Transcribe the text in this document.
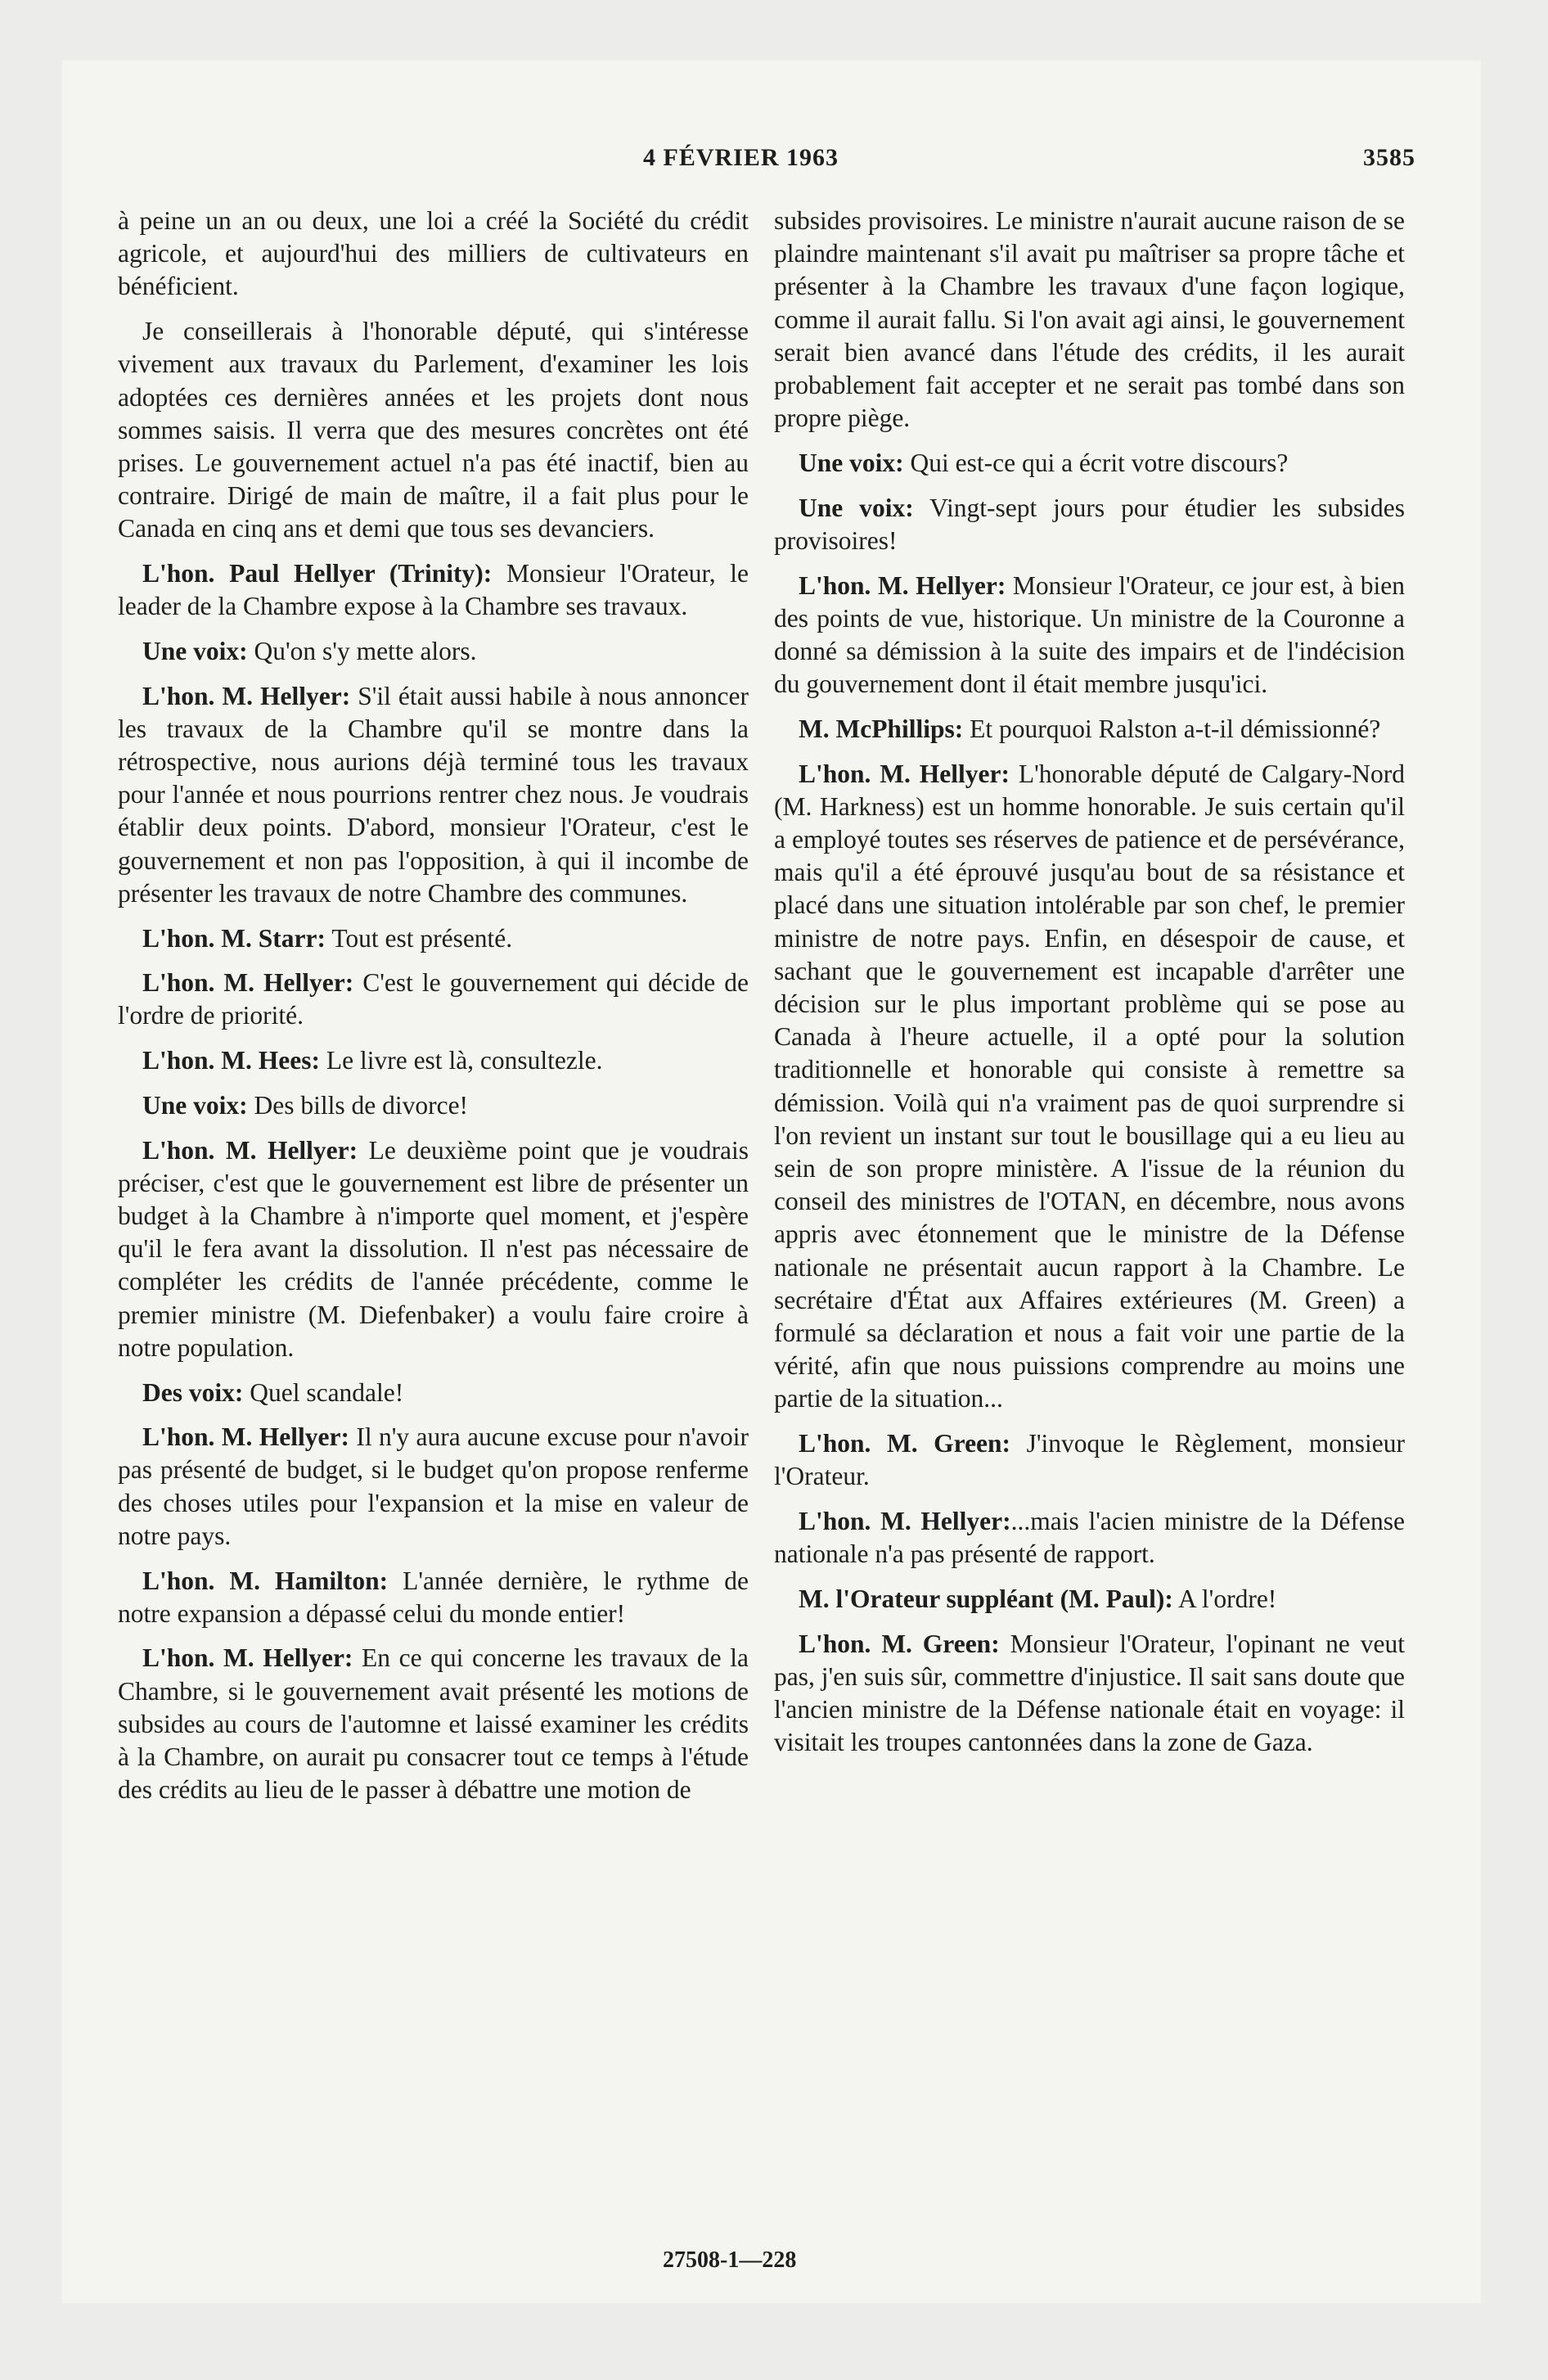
4 FÉVRIER 1963	3585

à peine un an ou deux, une loi a créé la Société du crédit agricole, et aujourd'hui des milliers de cultivateurs en bénéficient.

Je conseillerais à l'honorable député, qui s'intéresse vivement aux travaux du Parlement, d'examiner les lois adoptées ces dernières années et les projets dont nous sommes saisis. Il verra que des mesures concrètes ont été prises. Le gouvernement actuel n'a pas été inactif, bien au contraire. Dirigé de main de maître, il a fait plus pour le Canada en cinq ans et demi que tous ses devanciers.

L'hon. Paul Hellyer (Trinity): Monsieur l'Orateur, le leader de la Chambre expose à la Chambre ses travaux.

Une voix: Qu'on s'y mette alors.

L'hon. M. Hellyer: S'il était aussi habile à nous annoncer les travaux de la Chambre qu'il se montre dans la rétrospective, nous aurions déjà terminé tous les travaux pour l'année et nous pourrions rentrer chez nous. Je voudrais établir deux points. D'abord, monsieur l'Orateur, c'est le gouvernement et non pas l'opposition, à qui il incombe de présenter les travaux de notre Chambre des communes.

L'hon. M. Starr: Tout est présenté.

L'hon. M. Hellyer: C'est le gouvernement qui décide de l'ordre de priorité.

L'hon. M. Hees: Le livre est là, consultezle.

Une voix: Des bills de divorce!

L'hon. M. Hellyer: Le deuxième point que je voudrais préciser, c'est que le gouvernement est libre de présenter un budget à la Chambre à n'importe quel moment, et j'espère qu'il le fera avant la dissolution. Il n'est pas nécessaire de compléter les crédits de l'année précédente, comme le premier ministre (M. Diefenbaker) a voulu faire croire à notre population.

Des voix: Quel scandale!

L'hon. M. Hellyer: Il n'y aura aucune excuse pour n'avoir pas présenté de budget, si le budget qu'on propose renferme des choses utiles pour l'expansion et la mise en valeur de notre pays.

L'hon. M. Hamilton: L'année dernière, le rythme de notre expansion a dépassé celui du monde entier!

L'hon. M. Hellyer: En ce qui concerne les travaux de la Chambre, si le gouvernement avait présenté les motions de subsides au cours de l'automne et laissé examiner les crédits à la Chambre, on aurait pu consacrer tout ce temps à l'étude des crédits au lieu de le passer à débattre une motion de

subsides provisoires. Le ministre n'aurait aucune raison de se plaindre maintenant s'il avait pu maîtriser sa propre tâche et présenter à la Chambre les travaux d'une façon logique, comme il aurait fallu. Si l'on avait agi ainsi, le gouvernement serait bien avancé dans l'étude des crédits, il les aurait probablement fait accepter et ne serait pas tombé dans son propre piège.

Une voix: Qui est-ce qui a écrit votre discours?

Une voix: Vingt-sept jours pour étudier les subsides provisoires!

L'hon. M. Hellyer: Monsieur l'Orateur, ce jour est, à bien des points de vue, historique. Un ministre de la Couronne a donné sa démission à la suite des impairs et de l'indécision du gouvernement dont il était membre jusqu'ici.

M. McPhillips: Et pourquoi Ralston a-t-il démissionné?

L'hon. M. Hellyer: L'honorable député de Calgary-Nord (M. Harkness) est un homme honorable. Je suis certain qu'il a employé toutes ses réserves de patience et de persévérance, mais qu'il a été éprouvé jusqu'au bout de sa résistance et placé dans une situation intolérable par son chef, le premier ministre de notre pays. Enfin, en désespoir de cause, et sachant que le gouvernement est incapable d'arrêter une décision sur le plus important problème qui se pose au Canada à l'heure actuelle, il a opté pour la solution traditionnelle et honorable qui consiste à remettre sa démission. Voilà qui n'a vraiment pas de quoi surprendre si l'on revient un instant sur tout le bousillage qui a eu lieu au sein de son propre ministère. A l'issue de la réunion du conseil des ministres de l'OTAN, en décembre, nous avons appris avec étonnement que le ministre de la Défense nationale ne présentait aucun rapport à la Chambre. Le secrétaire d'État aux Affaires extérieures (M. Green) a formulé sa déclaration et nous a fait voir une partie de la vérité, afin que nous puissions comprendre au moins une partie de la situation...

L'hon. M. Green: J'invoque le Règlement, monsieur l'Orateur.

L'hon. M. Hellyer:...mais l'acien ministre de la Défense nationale n'a pas présenté de rapport.

M. l'Orateur suppléant (M. Paul): A l'ordre!

L'hon. M. Green: Monsieur l'Orateur, l'opinant ne veut pas, j'en suis sûr, commettre d'injustice. Il sait sans doute que l'ancien ministre de la Défense nationale était en voyage: il visitait les troupes cantonnées dans la zone de Gaza.

27508-1—228
